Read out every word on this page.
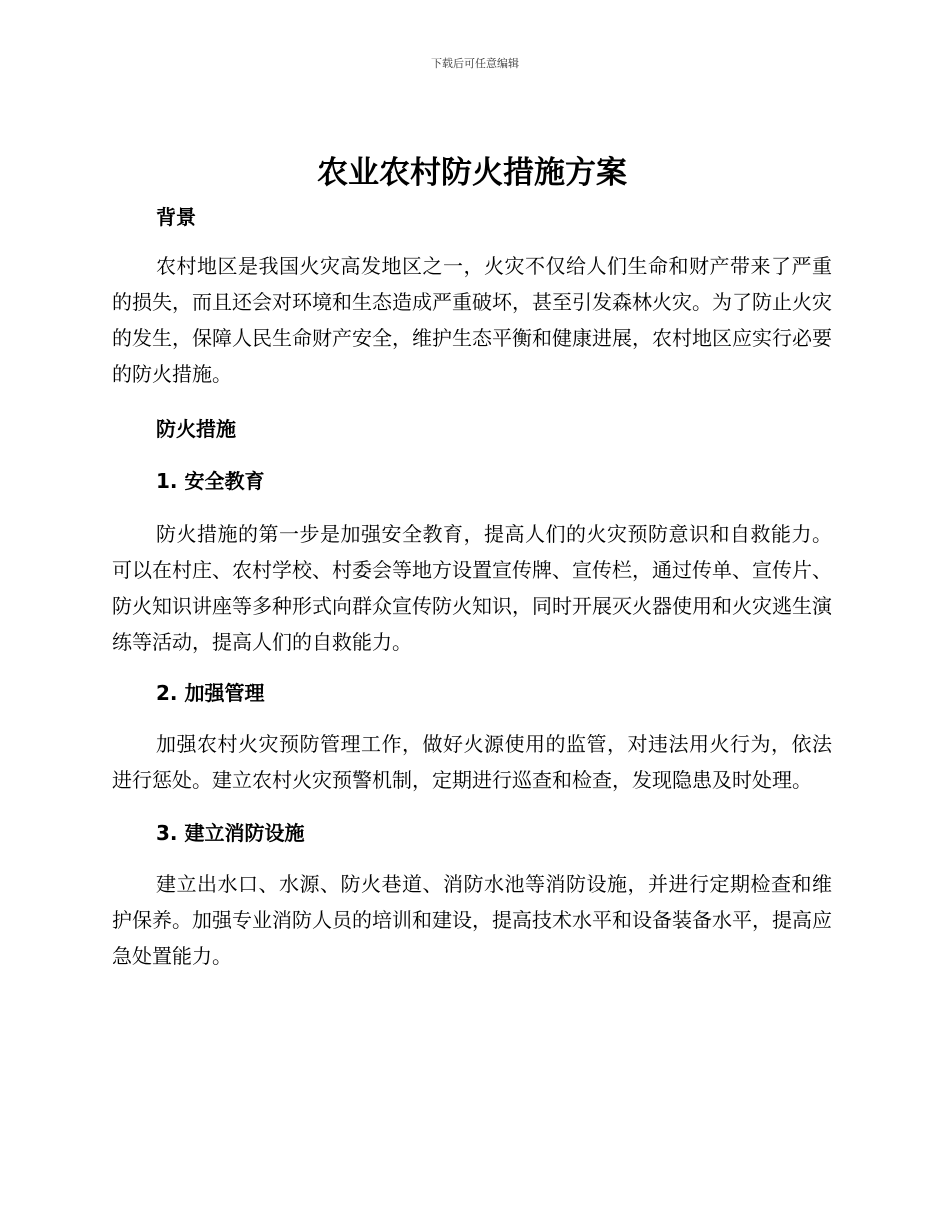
下载后可任意编辑
农业农村防火措施方案
背景

农村地区是我国火灾高发地区之一，火灾不仅给人们生命和财产带来了严重的损失，而且还会对环境和生态造成严重破坏，甚至引发森林火灾。为了防止火灾的发生，保障人民生命财产安全，维护生态平衡和健康进展，农村地区应实行必要的防火措施。

防火措施
1. 安全教育

防火措施的第一步是加强安全教育，提高人们的火灾预防意识和自救能力。可以在村庄、农村学校、村委会等地方设置宣传牌、宣传栏，通过传单、宣传片、防火知识讲座等多种形式向群众宣传防火知识，同时开展灭火器使用和火灾逃生演练等活动，提高人们的自救能力。

2. 加强管理

加强农村火灾预防管理工作，做好火源使用的监管，对违法用火行为，依法进行惩处。建立农村火灾预警机制，定期进行巡查和检查，发现隐患及时处理。

3. 建立消防设施

建立出水口、水源、防火巷道、消防水池等消防设施，并进行定期检查和维护保养。加强专业消防人员的培训和建设，提高技术水平和设备装备水平，提高应急处置能力。
